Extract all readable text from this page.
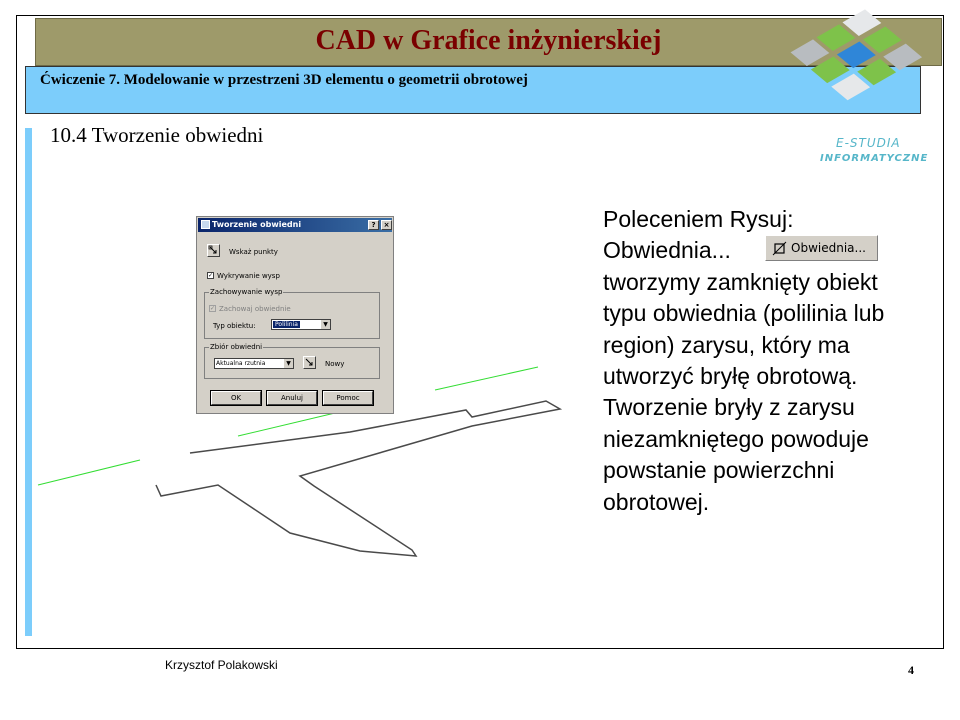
CAD w Grafice inżynierskiej
Ćwiczenie 7. Modelowanie w przestrzeni 3D elementu o geometrii obrotowej
E-STUDIA
INFORMATYCZNE
10.4 Tworzenie obwiedni
Tworzenie obwiedni	?	×
Wskaż punkty
✓ Wykrywanie wysp
Zachowywanie wysp
✓ Zachowaj obwiednie
Typ obiektu:	Polilinia	▼
Zbiór obwiedni
Aktualna rzutnia	▼	Nowy
OK	Anuluj	Pomoc
Poleceniem Rysuj:
Obwiednia...
tworzymy zamknięty obiekt
typu obwiednia (polilinia lub
region) zarysu, który ma
utworzyć bryłę obrotową.
Tworzenie bryły z zarysu
niezamkniętego powoduje
powstanie powierzchni
obrotowej.
Obwiednia...
Krzysztof Polakowski	4
